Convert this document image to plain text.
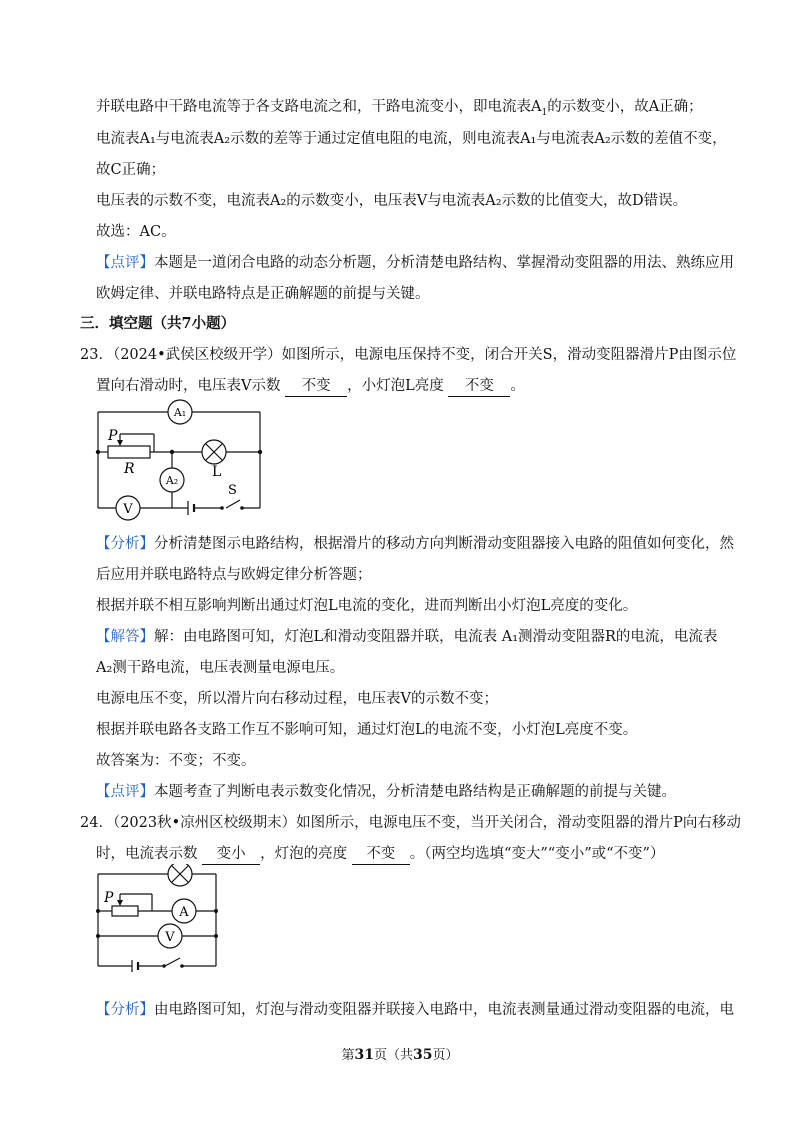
并联电路中干路电流等于各支路电流之和，干路电流变小，即电流表$A_1$的示数变小，故A正确；
电流表A₁与电流表A₂示数的差等于通过定值电阻的电流，则电流表A₁与电流表A₂示数的差值不变，
故C正确；
电压表的示数不变，电流表A₂的示数变小，电压表V与电流表A₂示数的比值变大，故D错误。
故选：AC。
【点评】本题是一道闭合电路的动态分析题，分析清楚电路结构、掌握滑动变阻器的用法、熟练应用
欧姆定律、并联电路特点是正确解题的前提与关键。
三．填空题（共7小题）
23．（2024•武侯区校级开学）如图所示，电源电压保持不变，闭合开关S，滑动变阻器滑片P由图示位
置向右滑动时，电压表V示数 不变 ，小灯泡L亮度 不变 。
A₁
A₂
V
P
R	L
S
【分析】分析清楚图示电路结构，根据滑片的移动方向判断滑动变阻器接入电路的阻值如何变化，然
后应用并联电路特点与欧姆定律分析答题；
根据并联不相互影响判断出通过灯泡L电流的变化，进而判断出小灯泡L亮度的变化。
【解答】解：由电路图可知，灯泡L和滑动变阻器并联，电流表 A₁测滑动变阻器R的电流，电流表
A₂测干路电流，电压表测量电源电压。
电源电压不变，所以滑片向右移动过程，电压表V的示数不变；
根据并联电路各支路工作互不影响可知，通过灯泡L的电流不变，小灯泡L亮度不变。
故答案为：不变；不变。
【点评】本题考查了判断电表示数变化情况，分析清楚电路结构是正确解题的前提与关键。
24．（2023秋•凉州区校级期末）如图所示，电源电压不变，当开关闭合，滑动变阻器的滑片P向右移动
时，电流表示数 变小 ，灯泡的亮度 不变 。（两空均选填“变大”“变小”或“不变”）
P
A
V
【分析】由电路图可知，灯泡与滑动变阻器并联接入电路中，电流表测量通过滑动变阻器的电流，电
第31页（共35页）
